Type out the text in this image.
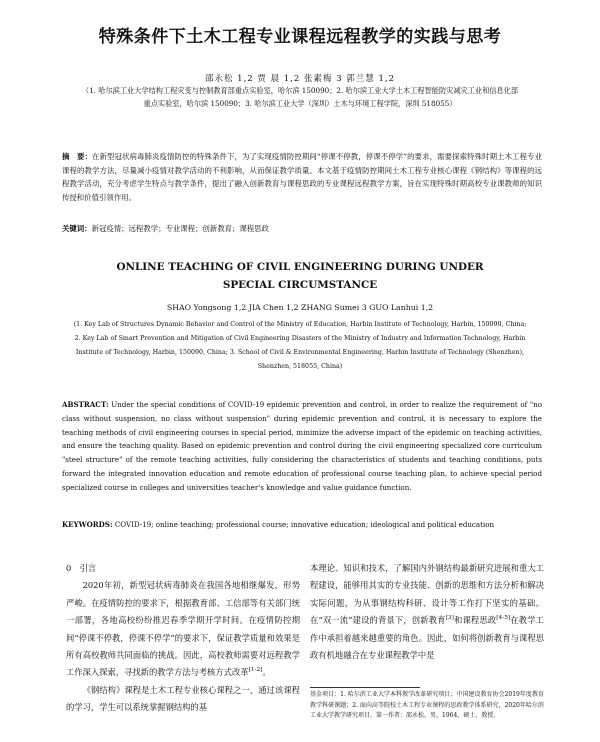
特殊条件下土木工程专业课程远程教学的实践与思考
邵永松 1,2 贾 晨 1,2 张素梅 3 郭兰慧 1,2
（1. 哈尔滨工业大学结构工程灾变与控制教育部重点实验室，哈尔滨 150090；2. 哈尔滨工业大学土木工程智能防灾减灾工业和信息化部重点实验室，哈尔滨 150090；3. 哈尔滨工业大学（深圳）土木与环境工程学院，深圳 518055）
摘　要：在新型冠状病毒肺炎疫情防控的特殊条件下，为了实现疫情防控期间“停课不停教，停课不停学”的要求，需要探索特殊时期土木工程专业课程的教学方法，尽量减小疫情对教学活动的不利影响，从而保证教学质量。本文基于疫情防控期间土木工程专业核心课程《钢结构》等课程的远程教学活动，充分考虑学生特点与教学条件，提出了融入创新教育与课程思政的专业课程远程教学方案，旨在实现特殊时期高校专业课教师的知识传授和价值引领作用。
关键词：新冠疫情；远程教学；专业课程；创新教育；课程思政
ONLINE TEACHING OF CIVIL ENGINEERING DURING UNDER SPECIAL CIRCUMSTANCE
SHAO Yongsong 1,2 JIA Chen 1,2 ZHANG Sumei 3 GUO Lanhui 1,2
(1. Key Lab of Structures Dynamic Behavior and Control of the Ministry of Education, Harbin Institute of Technology, Harbin, 150090, China; 2. Key Lab of Smart Prevention and Mitigation of Civil Engineering Disasters of the Ministry of Industry and Information Technology, Harbin Institute of Technology, Harbin, 150090, China; 3. School of Civil & Environmental Engineering, Harbin Institute of Technology (Shenzhen), Shenzhen, 518055, China)
ABSTRACT: Under the special conditions of COVID-19 epidemic prevention and control, in order to realize the requirement of "no class without suspension, no class without suspension" during epidemic prevention and control, it is necessary to explore the teaching methods of civil engineering courses in special period, minimize the adverse impact of the epidemic on teaching activities, and ensure the teaching quality. Based on epidemic prevention and control during the civil engineering specialized core curriculum "steel structure" of the remote teaching activities, fully considering the characteristics of students and teaching conditions, puts forward the integrated innovation education and remote education of professional course teaching plan, to achieve special period specialized course in colleges and universities teacher's knowledge and value guidance function.
KEYWORDS: COVID-19; online teaching; professional course; innovative education; ideological and political education

0　引言

2020年初，新型冠状病毒肺炎在我国各地相继爆发，形势严峻。在疫情防控的要求下，根据教育部、工信部等有关部门统一部署，各地高校纷纷推迟春季学期开学时间。在疫情防控期间“停课不停教，停课不停学”的要求下，保证教学质量和效果是所有高校教师共同面临的挑战。因此，高校教师需要对远程教学工作深入探索，寻找新的教学方法与考核方式改革[1-2]。

《钢结构》课程是土木工程专业核心课程之一，通过该课程的学习，学生可以系统掌握钢结构的基

本理论、知识和技术，了解国内外钢结构最新研究进展和重大工程建设，能够用其实的专业技能、创新的思维和方法分析和解决实际问题，为从事钢结构科研、设计等工作打下坚实的基础。在“双一流”建设的背景下，创新教育[3]和课程思政[4-5]在教学工作中承担着越来越重要的角色。因此，如何将创新教育与课程思政有机地融合在专业课程教学中是

基金项目：1. 哈尔滨工业大学本科教学改革研究项目；中国建设教育协会2019年度教育教学科研课题；2. 面向高等院校土木工程专业课程的思政教学体系研究，2020年哈尔滨工业大学教学研究项目。第一作者：邵永松，男，1964，硕士，教授。
